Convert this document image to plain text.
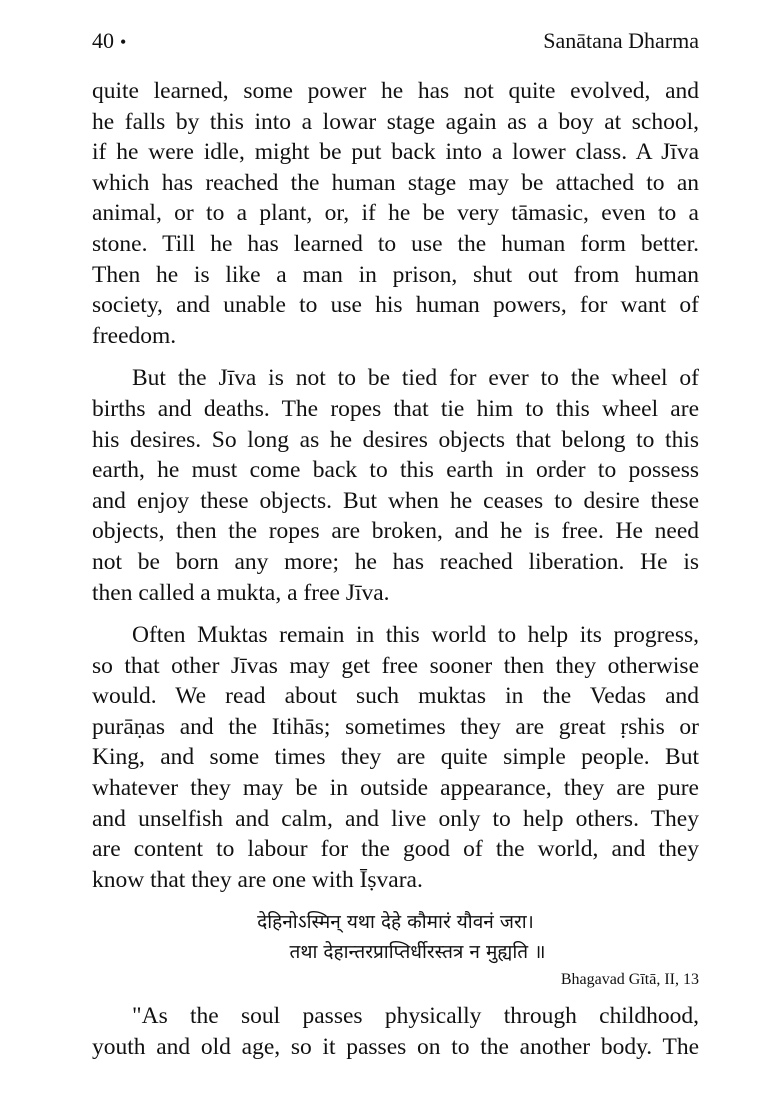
40 •	Sanātana Dharma
quite learned, some power he has not quite evolved, and
he falls by this into a lowar stage again as a boy at school,
if he were idle, might be put back into a lower class. A Jīva
which has reached the human stage may be attached to an
animal, or to a plant, or, if he be very tāmasic, even to a
stone. Till he has learned to use the human form better.
Then he is like a man in prison, shut out from human
society, and unable to use his human powers, for want of
freedom.
But the Jīva is not to be tied for ever to the wheel of
births and deaths. The ropes that tie him to this wheel are
his desires. So long as he desires objects that belong to this
earth, he must come back to this earth in order to possess
and enjoy these objects. But when he ceases to desire these
objects, then the ropes are broken, and he is free. He need
not be born any more; he has reached liberation. He is
then called a mukta, a free Jīva.
Often Muktas remain in this world to help its progress,
so that other Jīvas may get free sooner then they otherwise
would. We read about such muktas in the Vedas and
purāṇas and the Itihās; sometimes they are great ṛshis or
King, and some times they are quite simple people. But
whatever they may be in outside appearance, they are pure
and unselfish and calm, and live only to help others. They
are content to labour for the good of the world, and they
know that they are one with Īṣvara.
देहिनोऽस्मिन् यथा देहे कौमारं यौवनं जरा।
तथा देहान्तरप्राप्तिर्धीरस्तत्र न मुह्यति ॥
Bhagavad Gītā, II, 13
"As the soul passes physically through childhood,
youth and old age, so it passes on to the another body. The
